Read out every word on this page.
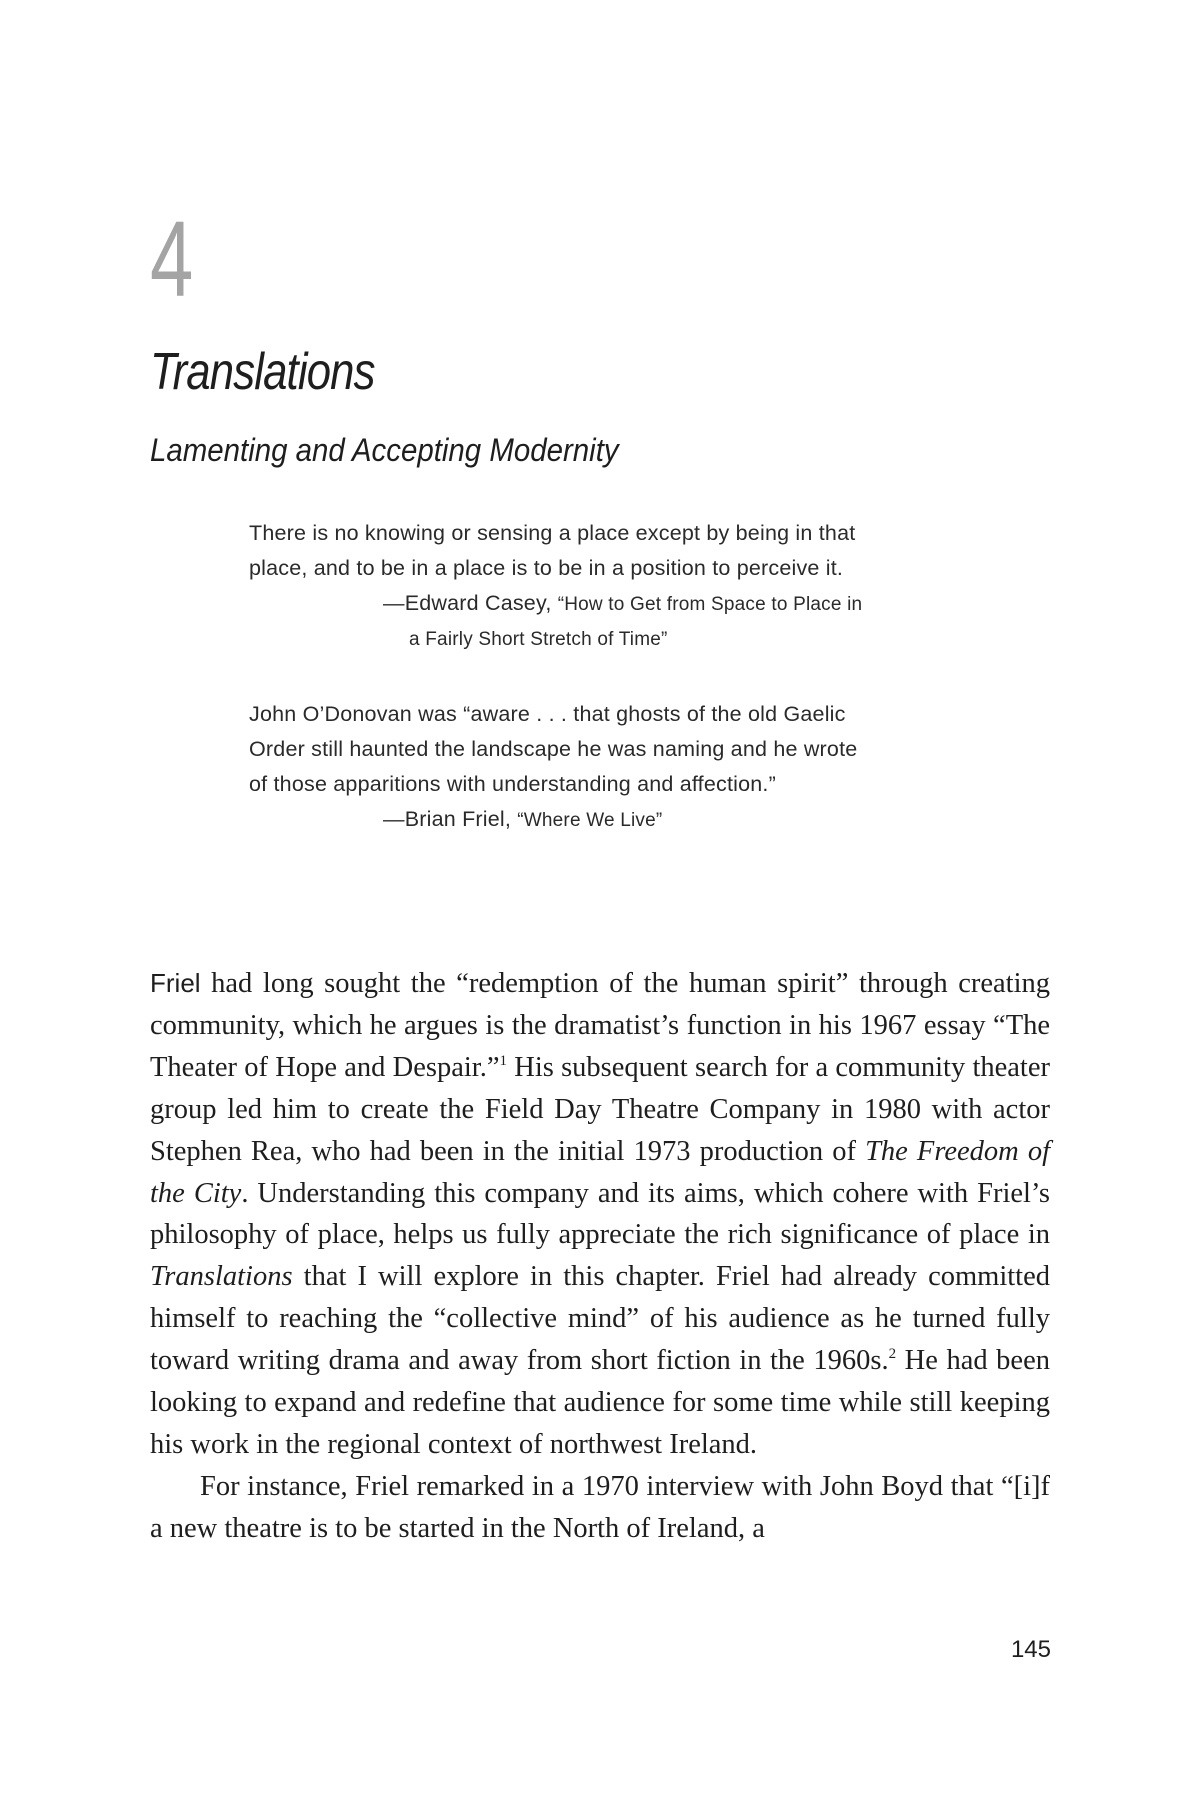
4
Translations
Lamenting and Accepting Modernity

There is no knowing or sensing a place except by being in that

place, and to be in a place is to be in a position to perceive it.

—Edward Casey, “How to Get from Space to Place in

a Fairly Short Stretch of Time”

John O’Donovan was “aware . . . that ghosts of the old Gaelic

Order still haunted the landscape he was naming and he wrote

of those apparitions with understanding and affection.”

—Brian Friel, “Where We Live”

Friel had long sought the “redemption of the human spirit” through creating community, which he argues is the dramatist’s function in his 1967 essay “The Theater of Hope and Despair.”$^1$ His subsequent search for a community theater group led him to create the Field Day Theatre Company in 1980 with actor Stephen Rea, who had been in the initial 1973 production of The Freedom of the City. Understanding this company and its aims, which cohere with Friel’s philosophy of place, helps us fully appreciate the rich significance of place in Translations that I will explore in this chapter. Friel had already committed himself to reaching the “collective mind” of his audience as he turned fully toward writing drama and away from short fiction in the 1960s.$^2$ He had been looking to expand and redefine that audience for some time while still keeping his work in the regional context of northwest Ireland.

For instance, Friel remarked in a 1970 interview with John Boyd that “[i]f a new theatre is to be started in the North of Ireland, a

145
